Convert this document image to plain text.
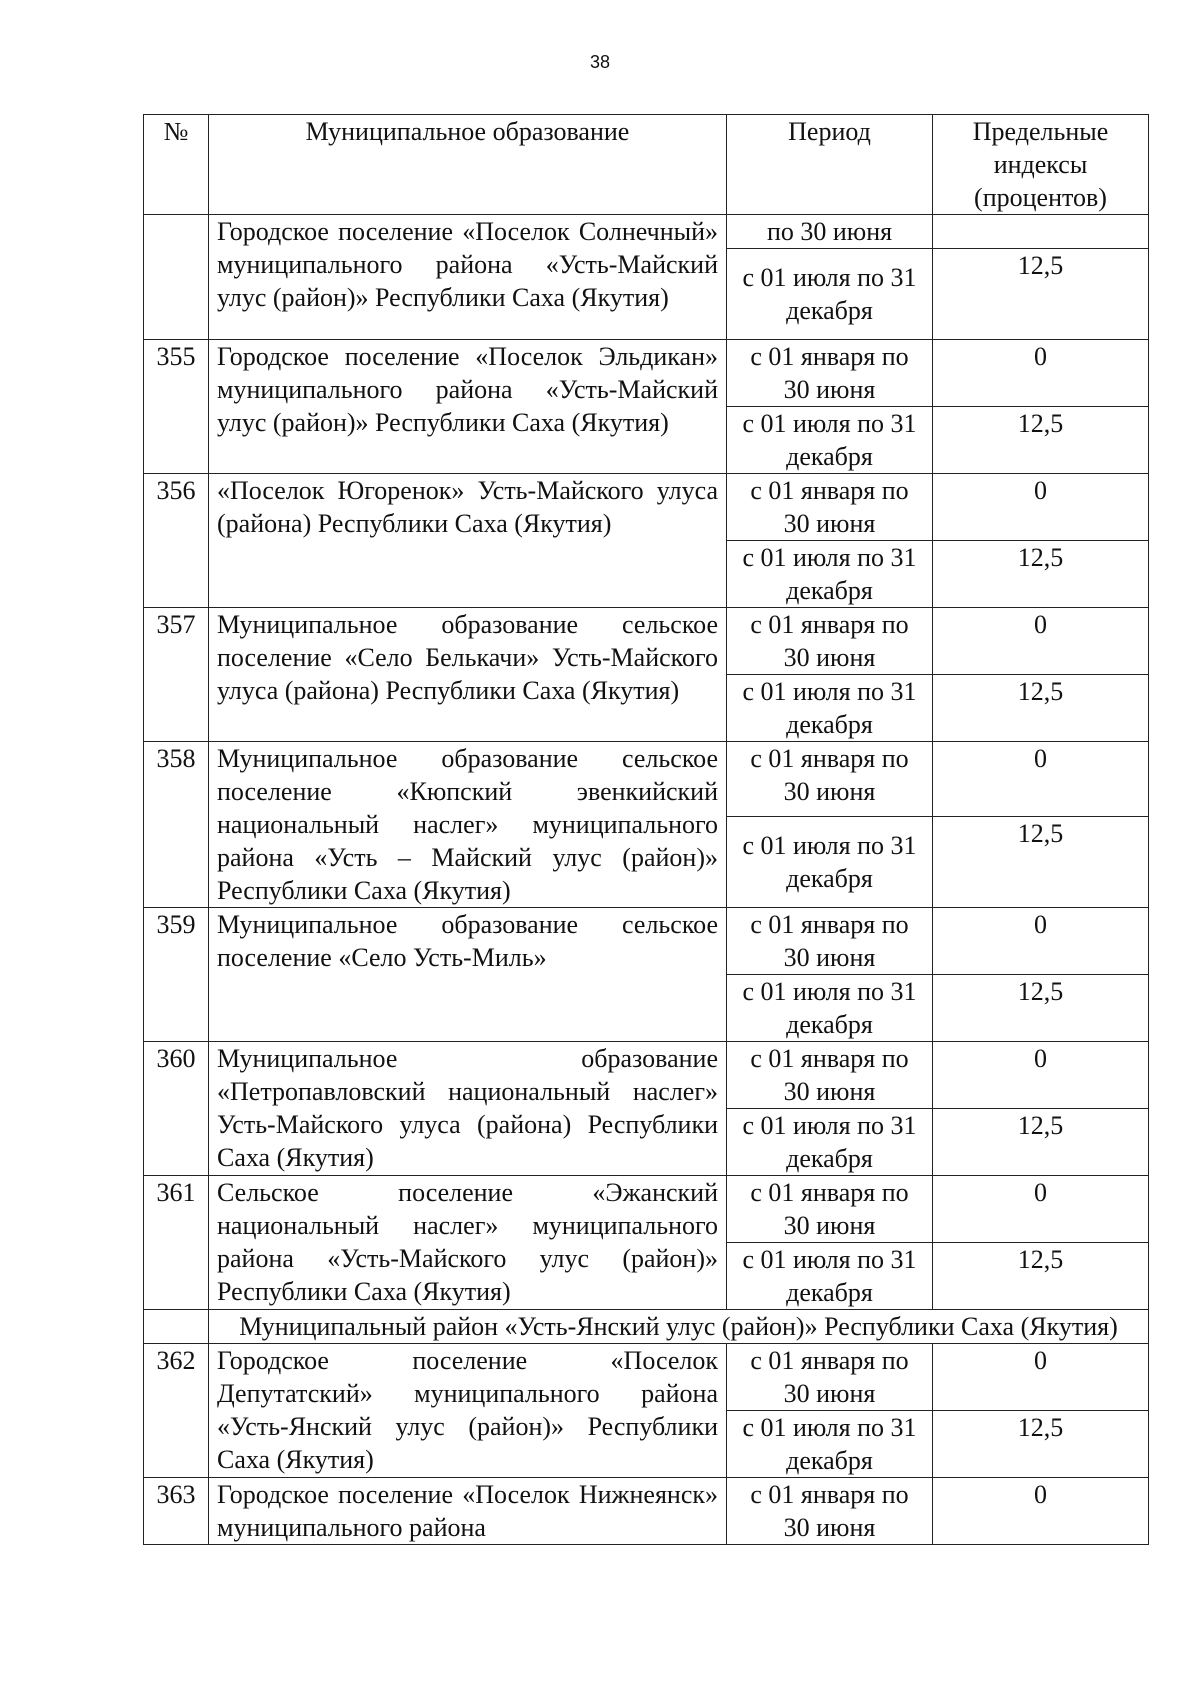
38
№	Муниципальное образование	Период	Предельные индексы (процентов)
	Городское поселение «Поселок Солнечный» муниципального района «Усть-Майский улус (район)» Республики Саха (Якутия)	по 30 июня	
		с 01 июля по 31 декабря	12,5
355	Городское поселение «Поселок Эльдикан» муниципального района «Усть-Майский улус (район)» Республики Саха (Якутия)	с 01 января по 30 июня	0
		с 01 июля по 31 декабря	12,5
356	«Поселок Югоренок» Усть-Майского улуса (района) Республики Саха (Якутия)	с 01 января по 30 июня	0
		с 01 июля по 31 декабря	12,5
357	Муниципальное образование сельское поселение «Село Белькачи» Усть-Майского улуса (района) Республики Саха (Якутия)	с 01 января по 30 июня	0
		с 01 июля по 31 декабря	12,5
358	Муниципальное образование сельское поселение «Кюпский эвенкийский национальный наслег» муниципального района «Усть – Майский улус (район)» Республики Саха (Якутия)	с 01 января по 30 июня	0
		с 01 июля по 31 декабря	12,5
359	Муниципальное образование сельское поселение «Село Усть-Миль»	с 01 января по 30 июня	0
		с 01 июля по 31 декабря	12,5
360	Муниципальное образование «Петропавловский национальный наслег» Усть-Майского улуса (района) Республики Саха (Якутия)	с 01 января по 30 июня	0
		с 01 июля по 31 декабря	12,5
361	Сельское поселение «Эжанский национальный наслег» муниципального района «Усть-Майского улус (район)» Республики Саха (Якутия)	с 01 января по 30 июня	0
		с 01 июля по 31 декабря	12,5
	Муниципальный район «Усть-Янский улус (район)» Республики Саха (Якутия)		
362	Городское поселение «Поселок Депутатский» муниципального района «Усть-Янский улус (район)» Республики Саха (Якутия)	с 01 января по 30 июня	0
		с 01 июля по 31 декабря	12,5
363	Городское поселение «Поселок Нижнеянск» муниципального района	с 01 января по 30 июня	0
